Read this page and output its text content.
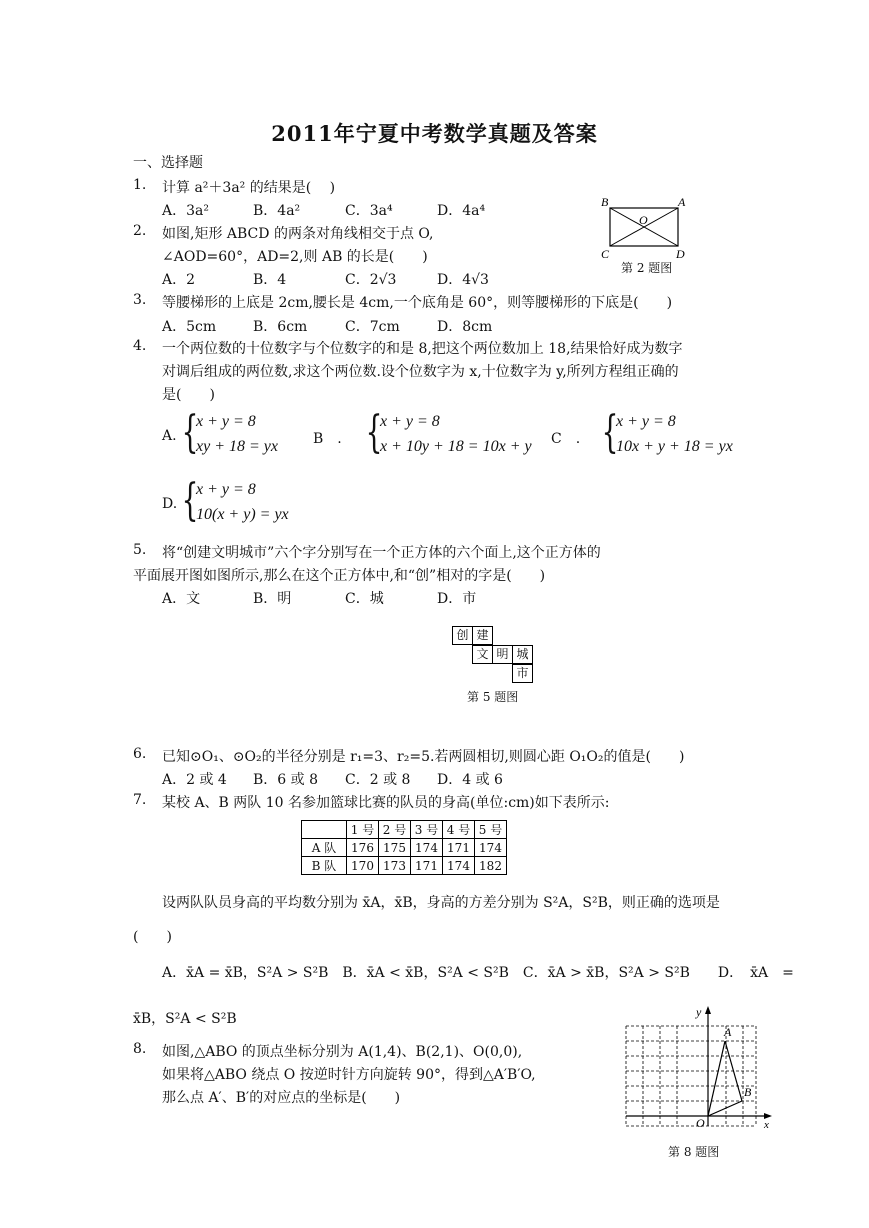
2011年宁夏中考数学真题及答案
一、选择题
1. 计算 a²＋3a² 的结果是(　 )
A．3a²	B．4a²	C．3a⁴	D．4a⁴
2. 如图,矩形 ABCD 的两条对角线相交于点 O,
∠AOD=60°，AD=2,则 AB 的长是(　　)
A．2	B．4	C．2√3	D．4√3
B	A
O
C	D
第 2 题图
3. 等腰梯形的上底是 2cm,腰长是 4cm,一个底角是 60°，则等腰梯形的下底是(　　)
A．5cm	B．6cm	C．7cm	D．8cm
4. 一个两位数的十位数字与个位数字的和是 8,把这个两位数加上 18,结果恰好成为数字
对调后组成的两位数,求这个两位数.设个位数字为 x,十位数字为 y,所列方程组正确的
是(　　)
A. {
x + y = 8
xy + 18 = yx	B　. {
x + y = 8
x + 10y + 18 = 10x + y C　. {
x + y = 8
10x + y + 18 = yx
D. {
x + y = 8
10(x + y) = yx
5. 将“创建文明城市”六个字分别写在一个正方体的六个面上,这个正方体的
平面展开图如图所示,那么在这个正方体中,和“创”相对的字是(　　)
A．文	B．明	C．城	D．市
创 建
文 明 城
市
第 5 题图
6. 已知⊙O₁、⊙O₂的半径分别是 r₁=3、r₂=5.若两圆相切,则圆心距 O₁O₂的值是(　　)
A．2 或 4 B．6 或 8 C．2 或 8 D．4 或 6
7. 某校 A、B 两队 10 名参加篮球比赛的队员的身高(单位:cm)如下表所示:
	1 号	2 号	3 号	4 号	5 号
A 队	176	175	174	171	174
B 队	170	173	171	174	182
设两队队员身高的平均数分别为 x̄A，x̄B，身高的方差分别为 S²A，S²B，则正确的选项是
(　　)
A．x̄A = x̄B，S²A > S²B　B．x̄A < x̄B，S²A < S²B　C．x̄A > x̄B，S²A > S²B　　D．　x̄A　=
x̄B，S²A < S²B
8. 如图,△ABO 的顶点坐标分别为 A(1,4)、B(2,1)、O(0,0),
如果将△ABO 绕点 O 按逆时针方向旋转 90°，得到△A′B′O,
那么点 A′、B′的对应点的坐标是(　　)
y
A
B
O	x
第 8 题图
